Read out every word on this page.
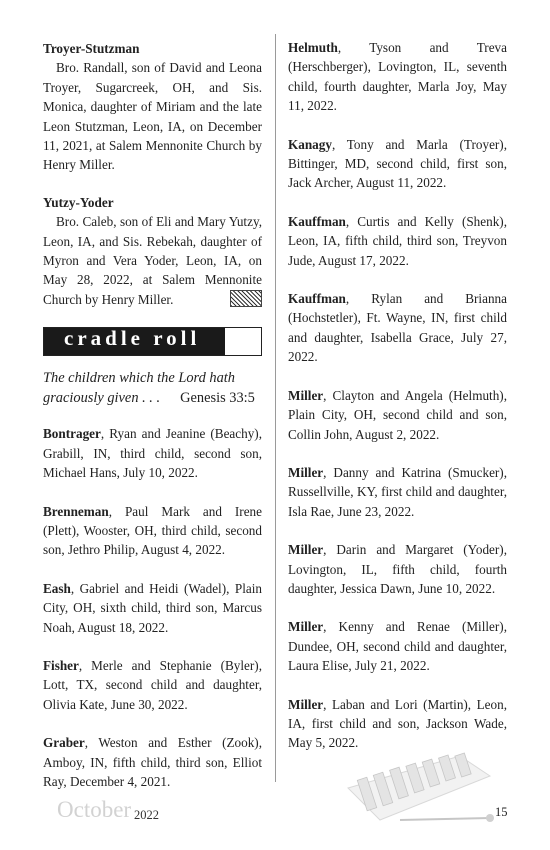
Troyer-Stutzman
Bro. Randall, son of David and Leona Troyer, Sugarcreek, OH, and Sis. Monica, daughter of Miriam and the late Leon Stutzman, Leon, IA, on December 11, 2021, at Salem Mennonite Church by Henry Miller.
Yutzy-Yoder
Bro. Caleb, son of Eli and Mary Yutzy, Leon, IA, and Sis. Rebekah, daughter of Myron and Vera Yoder, Leon, IA, on May 28, 2022, at Salem Mennonite Church by Henry Miller.
cradle roll
The children which the Lord hath graciously given . . . Genesis 33:5
Bontrager, Ryan and Jeanine (Beachy), Grabill, IN, third child, second son, Michael Hans, July 10, 2022.
Brenneman, Paul Mark and Irene (Plett), Wooster, OH, third child, second son, Jethro Philip, August 4, 2022.
Eash, Gabriel and Heidi (Wadel), Plain City, OH, sixth child, third son, Marcus Noah, August 18, 2022.
Fisher, Merle and Stephanie (Byler), Lott, TX, second child and daughter, Olivia Kate, June 30, 2022.
Graber, Weston and Esther (Zook), Amboy, IN, fifth child, third son, Elliot Ray, December 4, 2021.
Helmuth, Tyson and Treva (Herschberger), Lovington, IL, seventh child, fourth daughter, Marla Joy, May 11, 2022.
Kanagy, Tony and Marla (Troyer), Bittinger, MD, second child, first son, Jack Archer, August 11, 2022.
Kauffman, Curtis and Kelly (Shenk), Leon, IA, fifth child, third son, Treyvon Jude, August 17, 2022.
Kauffman, Rylan and Brianna (Hochstetler), Ft. Wayne, IN, first child and daughter, Isabella Grace, July 27, 2022.
Miller, Clayton and Angela (Helmuth), Plain City, OH, second child and son, Collin John, August 2, 2022.
Miller, Danny and Katrina (Smucker), Russellville, KY, first child and daughter, Isla Rae, June 23, 2022.
Miller, Darin and Margaret (Yoder), Lovington, IL, fifth child, fourth daughter, Jessica Dawn, June 10, 2022.
Miller, Kenny and Renae (Miller), Dundee, OH, second child and daughter, Laura Elise, July 21, 2022.
Miller, Laban and Lori (Martin), Leon, IA, first child and son, Jackson Wade, May 5, 2022.
October 2022	15
